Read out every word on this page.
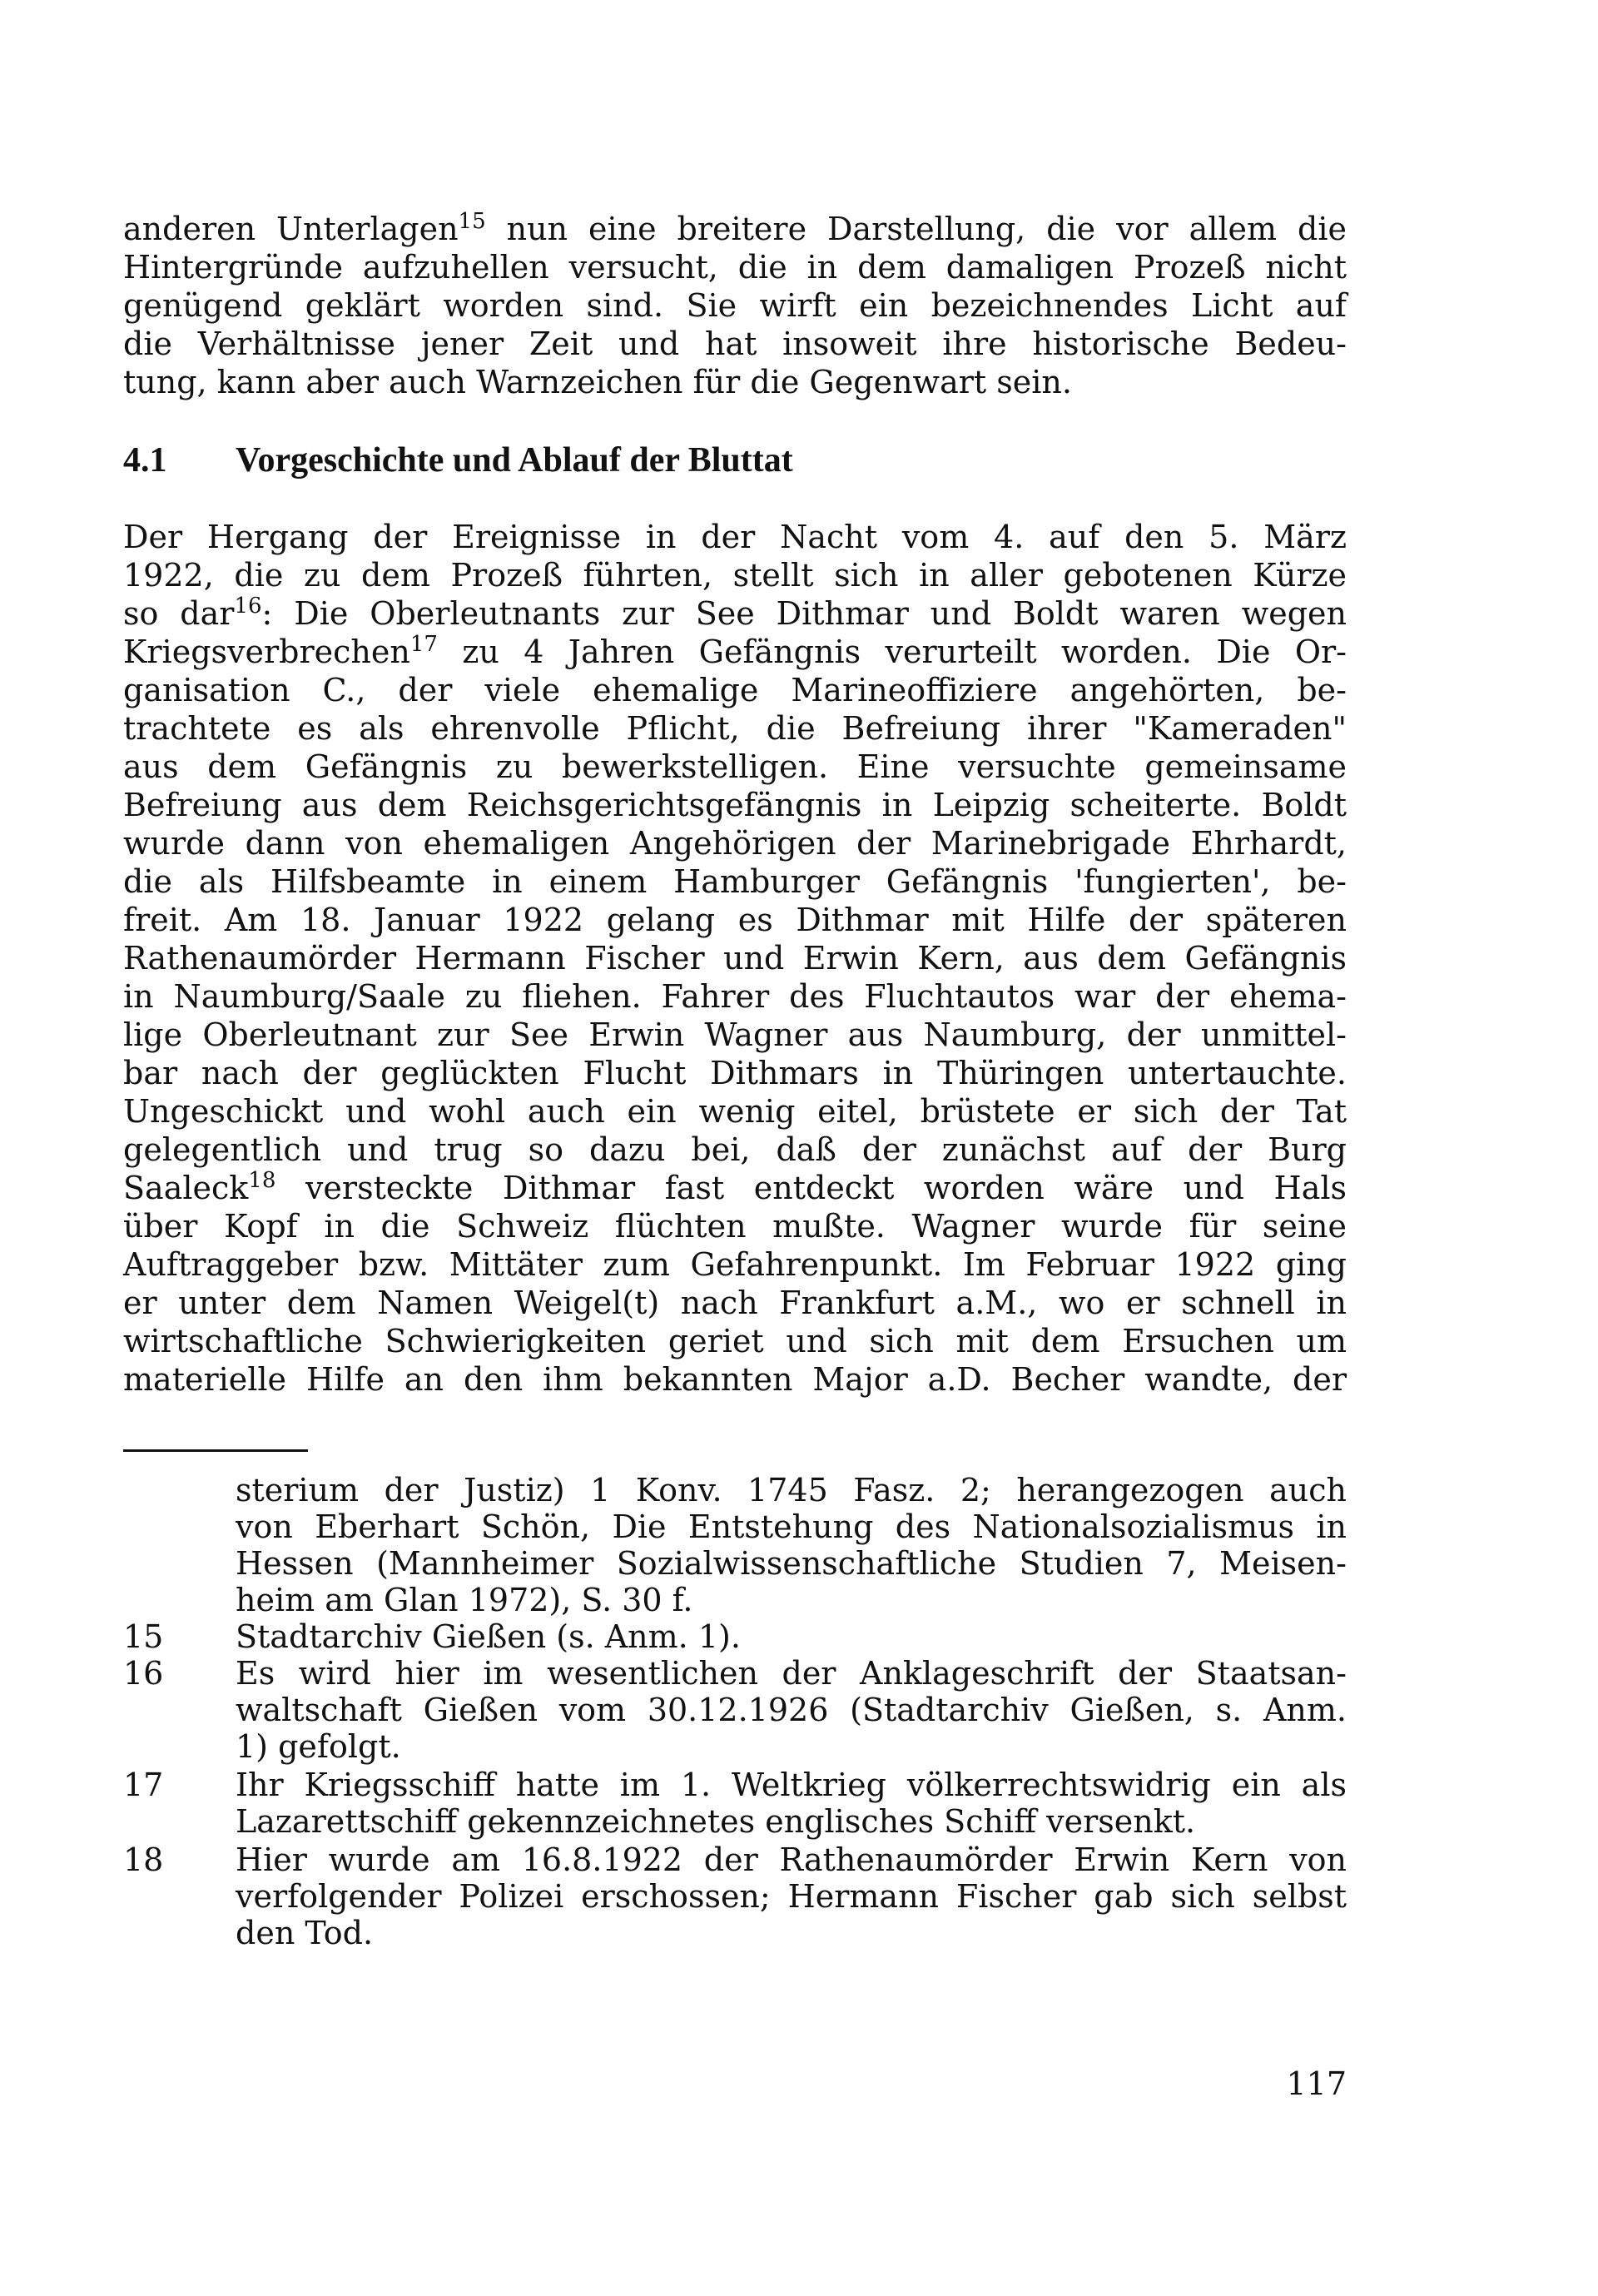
anderen Unterlagen$^{15}$ nun eine breitere Darstellung, die vor allem die
Hintergründe aufzuhellen versucht, die in dem damaligen Prozeß nicht
genügend geklärt worden sind. Sie wirft ein bezeichnendes Licht auf
die Verhältnisse jener Zeit und hat insoweit ihre historische Bedeu-
tung, kann aber auch Warnzeichen für die Gegenwart sein.
4.1 Vorgeschichte und Ablauf der Bluttat
Der Hergang der Ereignisse in der Nacht vom 4. auf den 5. März
1922, die zu dem Prozeß führten, stellt sich in aller gebotenen Kürze
so dar$^{16}$: Die Oberleutnants zur See Dithmar und Boldt waren wegen
Kriegsverbrechen$^{17}$ zu 4 Jahren Gefängnis verurteilt worden. Die Or-
ganisation C., der viele ehemalige Marineoffiziere angehörten, be-
trachtete es als ehrenvolle Pflicht, die Befreiung ihrer "Kameraden"
aus dem Gefängnis zu bewerkstelligen. Eine versuchte gemeinsame
Befreiung aus dem Reichsgerichtsgefängnis in Leipzig scheiterte. Boldt
wurde dann von ehemaligen Angehörigen der Marinebrigade Ehrhardt,
die als Hilfsbeamte in einem Hamburger Gefängnis 'fungierten', be-
freit. Am 18. Januar 1922 gelang es Dithmar mit Hilfe der späteren
Rathenaumörder Hermann Fischer und Erwin Kern, aus dem Gefängnis
in Naumburg/Saale zu fliehen. Fahrer des Fluchtautos war der ehema-
lige Oberleutnant zur See Erwin Wagner aus Naumburg, der unmittel-
bar nach der geglückten Flucht Dithmars in Thüringen untertauchte.
Ungeschickt und wohl auch ein wenig eitel, brüstete er sich der Tat
gelegentlich und trug so dazu bei, daß der zunächst auf der Burg
Saaleck$^{18}$ versteckte Dithmar fast entdeckt worden wäre und Hals
über Kopf in die Schweiz flüchten mußte. Wagner wurde für seine
Auftraggeber bzw. Mittäter zum Gefahrenpunkt. Im Februar 1922 ging
er unter dem Namen Weigel(t) nach Frankfurt a.M., wo er schnell in
wirtschaftliche Schwierigkeiten geriet und sich mit dem Ersuchen um
materielle Hilfe an den ihm bekannten Major a.D. Becher wandte, der
sterium der Justiz) 1 Konv. 1745 Fasz. 2; herangezogen auch
von Eberhart Schön, Die Entstehung des Nationalsozialismus in
Hessen (Mannheimer Sozialwissenschaftliche Studien 7, Meisen-
heim am Glan 1972), S. 30 f.
15 Stadtarchiv Gießen (s. Anm. 1).
16 Es wird hier im wesentlichen der Anklageschrift der Staatsan-
waltschaft Gießen vom 30.12.1926 (Stadtarchiv Gießen, s. Anm.
1) gefolgt.
17 Ihr Kriegsschiff hatte im 1. Weltkrieg völkerrechtswidrig ein als
Lazarettschiff gekennzeichnetes englisches Schiff versenkt.
18 Hier wurde am 16.8.1922 der Rathenaumörder Erwin Kern von
verfolgender Polizei erschossen; Hermann Fischer gab sich selbst
den Tod.
117
